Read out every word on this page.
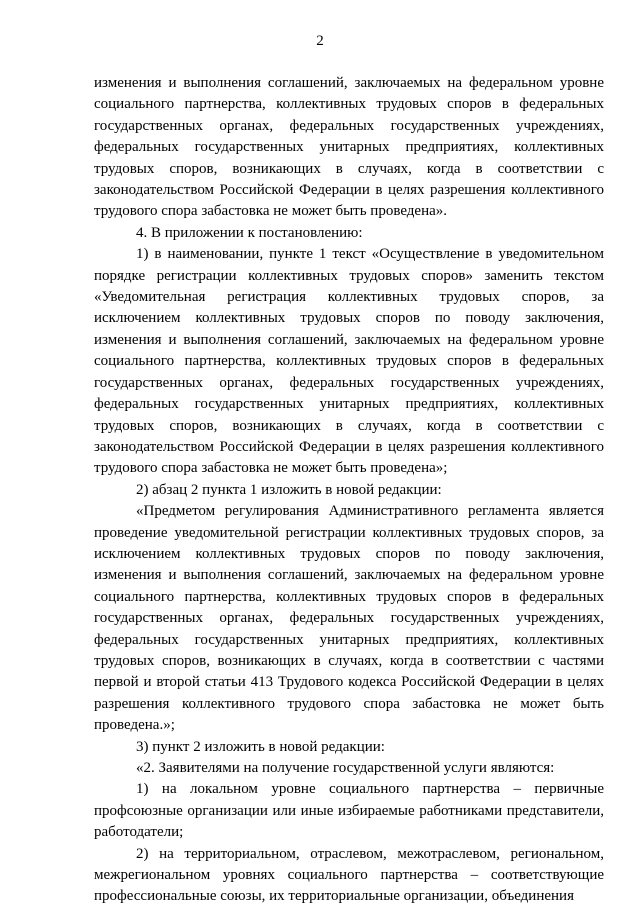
2

изменения и выполнения соглашений, заключаемых на федеральном уровне социального партнерства, коллективных трудовых споров в федеральных государственных органах, федеральных государственных учреждениях, федеральных государственных унитарных предприятиях, коллективных трудовых споров, возникающих в случаях, когда в соответствии с законодательством Российской Федерации в целях разрешения коллективного трудового спора забастовка не может быть проведена».

4. В приложении к постановлению:

1) в наименовании, пункте 1 текст «Осуществление в уведомительном порядке регистрации коллективных трудовых споров» заменить текстом «Уведомительная регистрация коллективных трудовых споров, за исключением коллективных трудовых споров по поводу заключения, изменения и выполнения соглашений, заключаемых на федеральном уровне социального партнерства, коллективных трудовых споров в федеральных государственных органах, федеральных государственных учреждениях, федеральных государственных унитарных предприятиях, коллективных трудовых споров, возникающих в случаях, когда в соответствии с законодательством Российской Федерации в целях разрешения коллективного трудового спора забастовка не может быть проведена»;

2) абзац 2 пункта 1 изложить в новой редакции:

«Предметом регулирования Административного регламента является проведение уведомительной регистрации коллективных трудовых споров, за исключением коллективных трудовых споров по поводу заключения, изменения и выполнения соглашений, заключаемых на федеральном уровне социального партнерства, коллективных трудовых споров в федеральных государственных органах, федеральных государственных учреждениях, федеральных государственных унитарных предприятиях, коллективных трудовых споров, возникающих в случаях, когда в соответствии с частями первой и второй статьи 413 Трудового кодекса Российской Федерации в целях разрешения коллективного трудового спора забастовка не может быть проведена.»;

3) пункт 2 изложить в новой редакции:

«2. Заявителями на получение государственной услуги являются:

1) на локальном уровне социального партнерства – первичные профсоюзные организации или иные избираемые работниками представители, работодатели;

2) на территориальном, отраслевом, межотраслевом, региональном, межрегиональном уровнях социального партнерства – соответствующие профессиональные союзы, их территориальные организации, объединения
